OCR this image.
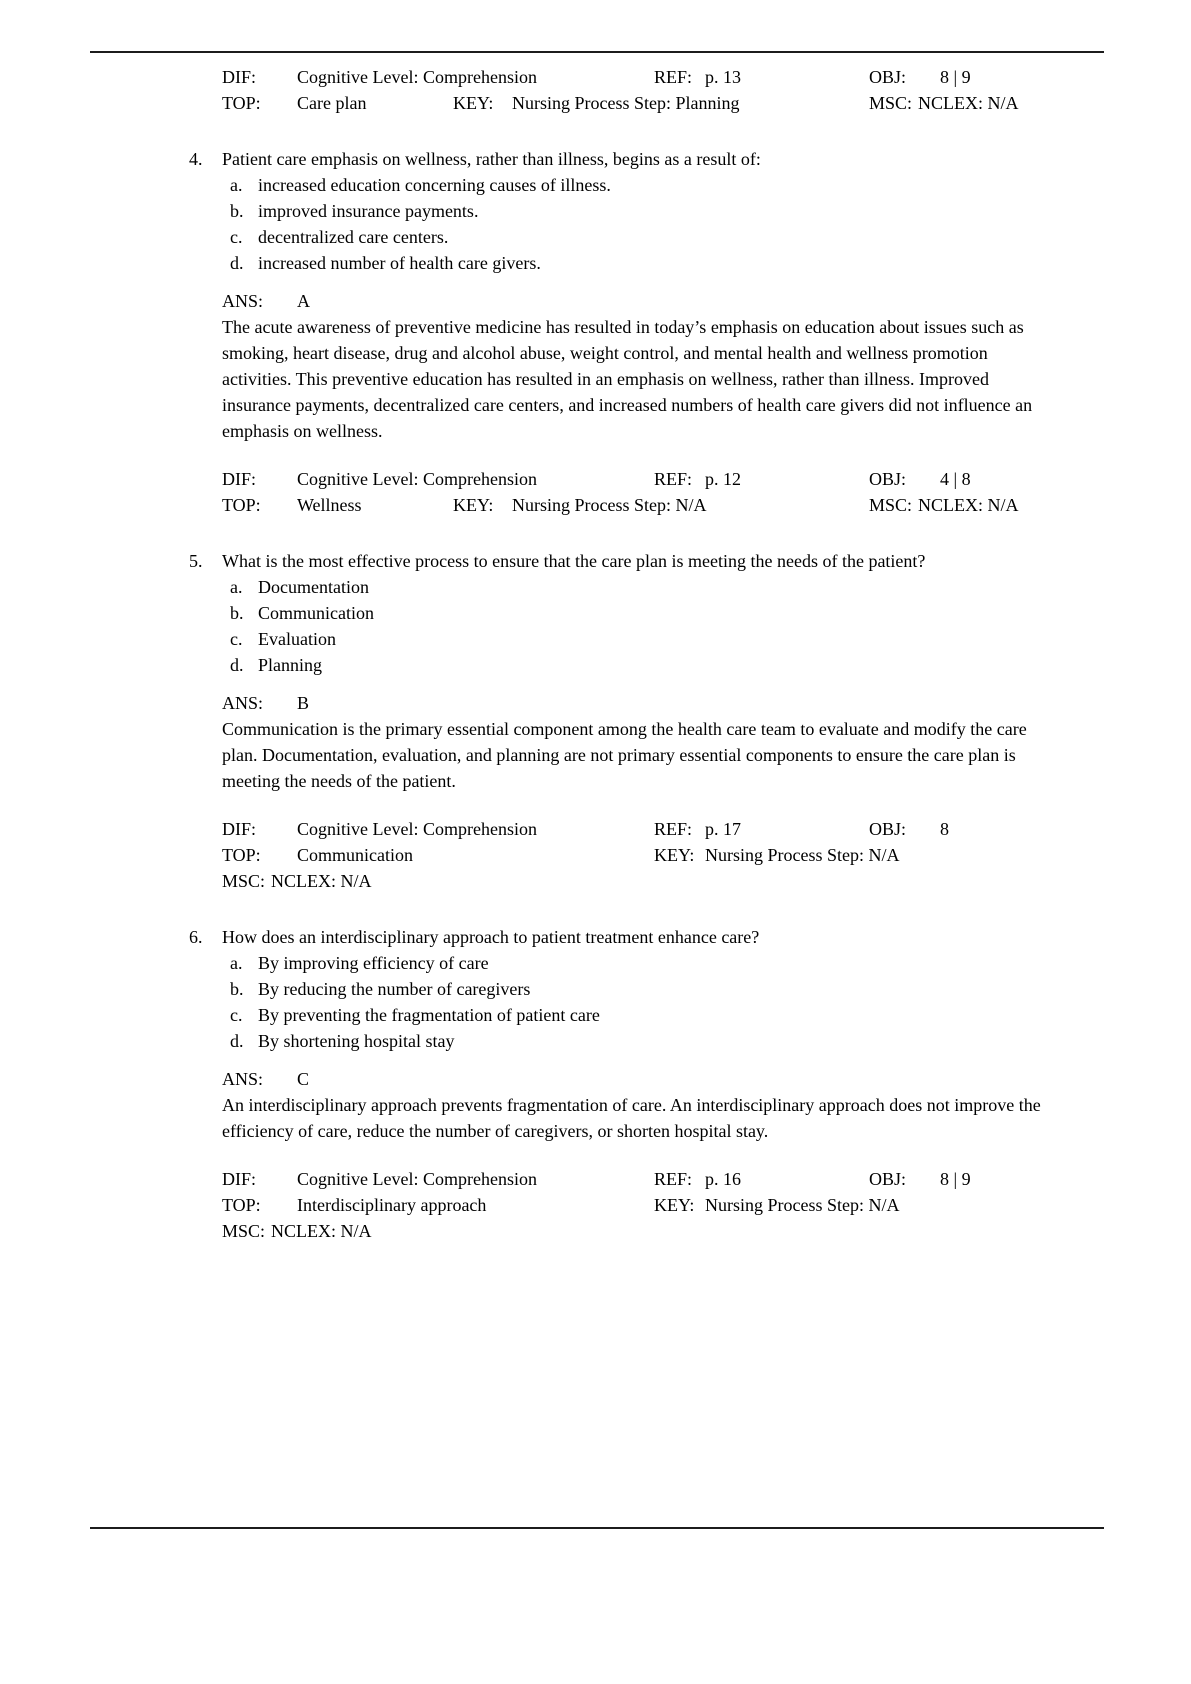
DIF: Cognitive Level: Comprehension	REF: p. 13	OBJ: 8 | 9
TOP: Care plan	KEY: Nursing Process Step: Planning	MSC: NCLEX: N/A
4. Patient care emphasis on wellness, rather than illness, begins as a result of:
a. increased education concerning causes of illness.
b. improved insurance payments.
c. decentralized care centers.
d. increased number of health care givers.
ANS: A
The acute awareness of preventive medicine has resulted in today’s emphasis on education about issues such as smoking, heart disease, drug and alcohol abuse, weight control, and mental health and wellness promotion activities. This preventive education has resulted in an emphasis on wellness, rather than illness. Improved insurance payments, decentralized care centers, and increased numbers of health care givers did not influence an emphasis on wellness.
DIF: Cognitive Level: Comprehension	REF: p. 12	OBJ: 4 | 8
TOP: Wellness	KEY: Nursing Process Step: N/A	MSC: NCLEX: N/A
5. What is the most effective process to ensure that the care plan is meeting the needs of the patient?
a. Documentation
b. Communication
c. Evaluation
d. Planning
ANS: B
Communication is the primary essential component among the health care team to evaluate and modify the care plan. Documentation, evaluation, and planning are not primary essential components to ensure the care plan is meeting the needs of the patient.
DIF: Cognitive Level: Comprehension	REF: p. 17	OBJ: 8
TOP: Communication	KEY: Nursing Process Step: N/A
MSC: NCLEX: N/A
6. How does an interdisciplinary approach to patient treatment enhance care?
a. By improving efficiency of care
b. By reducing the number of caregivers
c. By preventing the fragmentation of patient care
d. By shortening hospital stay
ANS: C
An interdisciplinary approach prevents fragmentation of care. An interdisciplinary approach does not improve the efficiency of care, reduce the number of caregivers, or shorten hospital stay.
DIF: Cognitive Level: Comprehension	REF: p. 16	OBJ: 8 | 9
TOP: Interdisciplinary approach	KEY: Nursing Process Step: N/A
MSC: NCLEX: N/A
